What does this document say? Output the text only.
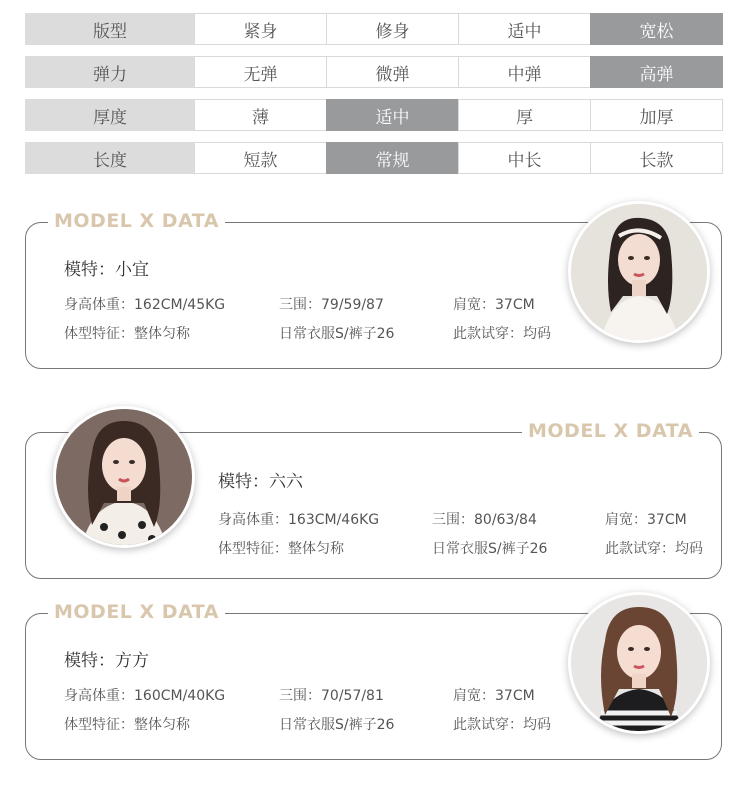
版型	紧身	修身	适中	宽松
弹力	无弹	微弹	中弹	高弹
厚度	薄	适中	厚	加厚
长度	短款	常规	中长	长款
MODEL X DATA
模特：小宜
身高体重：162CM/45KG	三围：79/59/87	肩宽：37CM
体型特征：整体匀称	日常衣服S/裤子26	此款试穿：均码
MODEL X DATA
模特：六六
身高体重：163CM/46KG	三围：80/63/84	肩宽：37CM
体型特征：整体匀称	日常衣服S/裤子26	此款试穿：均码
MODEL X DATA
模特：方方
身高体重：160CM/40KG	三围：70/57/81	肩宽：37CM
体型特征：整体匀称	日常衣服S/裤子26	此款试穿：均码
